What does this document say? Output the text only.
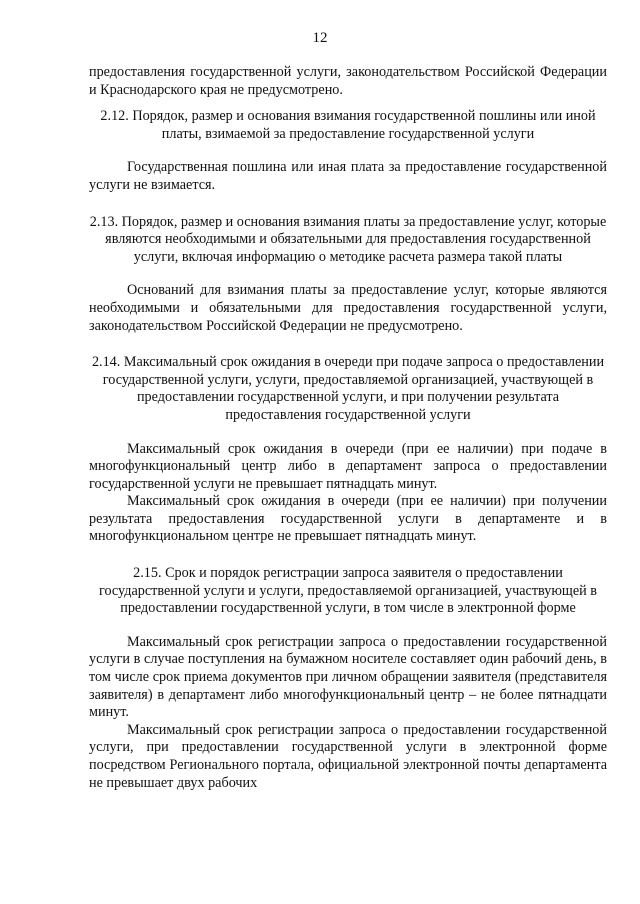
12

предоставления государственной услуги, законодательством Российской Федерации и Краснодарского края не предусмотрено.

2.12. Порядок, размер и основания взимания государственной пошлины или иной платы, взимаемой за предоставление государственной услуги

Государственная пошлина или иная плата за предоставление государственной услуги не взимается.

2.13. Порядок, размер и основания взимания платы за предоставление услуг, которые являются необходимыми и обязательными для предоставления государственной услуги, включая информацию о методике расчета размера такой платы

Оснований для взимания платы за предоставление услуг, которые являются необходимыми и обязательными для предоставления государственной услуги, законодательством Российской Федерации не предусмотрено.

2.14. Максимальный срок ожидания в очереди при подаче запроса о предоставлении государственной услуги, услуги, предоставляемой организацией, участвующей в предоставлении государственной услуги, и при получении результата предоставления государственной услуги

Максимальный срок ожидания в очереди (при ее наличии) при подаче в многофункциональный центр либо в департамент запроса о предоставлении государственной услуги не превышает пятнадцать минут.

Максимальный срок ожидания в очереди (при ее наличии) при получении результата предоставления государственной услуги в департаменте и в многофункциональном центре не превышает пятнадцать минут.

2.15. Срок и порядок регистрации запроса заявителя о предоставлении государственной услуги и услуги, предоставляемой организацией, участвующей в предоставлении государственной услуги, в том числе в электронной форме

Максимальный срок регистрации запроса о предоставлении государственной услуги в случае поступления на бумажном носителе составляет один рабочий день, в том числе срок приема документов при личном обращении заявителя (представителя заявителя) в департамент либо многофункциональный центр – не более пятнадцати минут.

Максимальный срок регистрации запроса о предоставлении государственной услуги, при предоставлении государственной услуги в электронной форме посредством Регионального портала, официальной электронной почты департамента не превышает двух рабочих
